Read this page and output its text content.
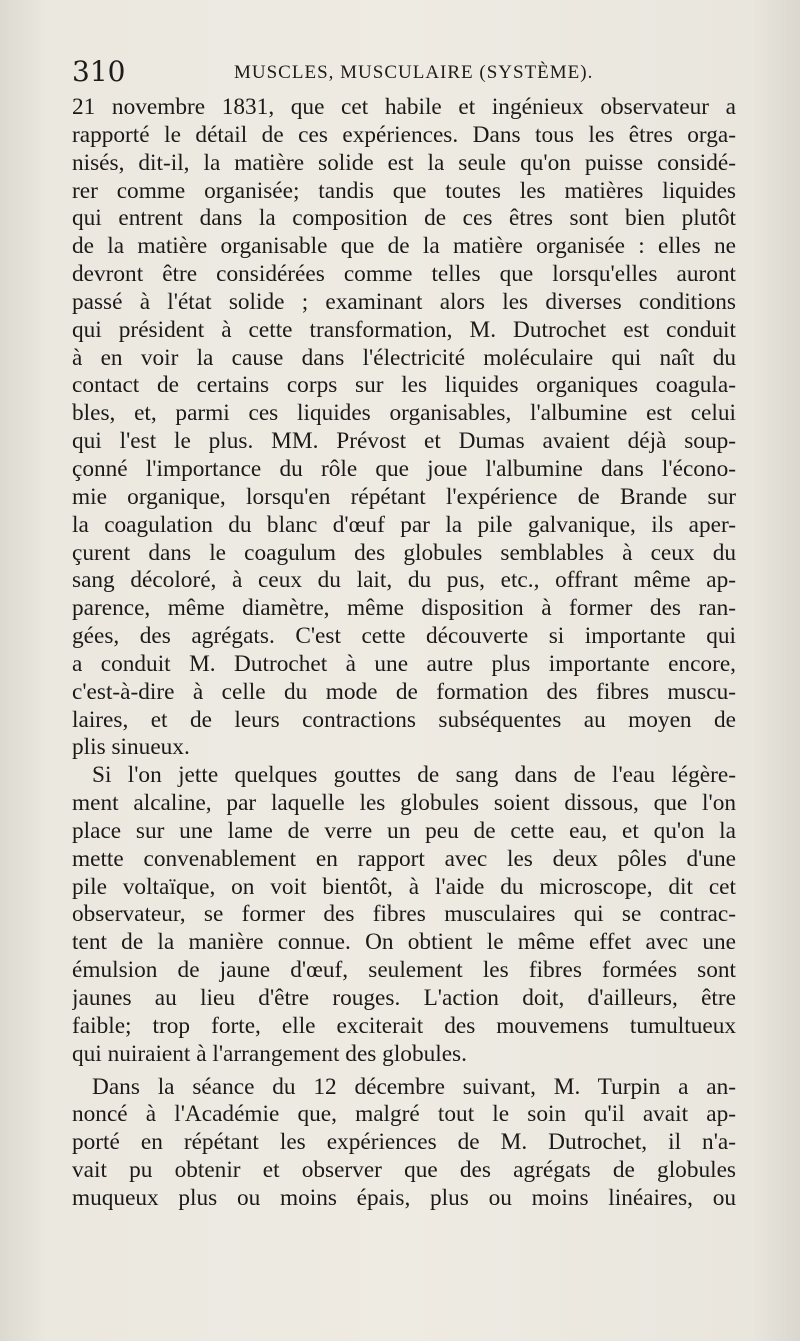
310	MUSCLES, MUSCULAIRE (SYSTÈME).
21 novembre 1831, que cet habile et ingénieux observateur a
rapporté le détail de ces expériences. Dans tous les êtres orga-
nisés, dit-il, la matière solide est la seule qu'on puisse considé-
rer comme organisée; tandis que toutes les matières liquides
qui entrent dans la composition de ces êtres sont bien plutôt
de la matière organisable que de la matière organisée : elles ne
devront être considérées comme telles que lorsqu'elles auront
passé à l'état solide ; examinant alors les diverses conditions
qui président à cette transformation, M. Dutrochet est conduit
à en voir la cause dans l'électricité moléculaire qui naît du
contact de certains corps sur les liquides organiques coagula-
bles, et, parmi ces liquides organisables, l'albumine est celui
qui l'est le plus. MM. Prévost et Dumas avaient déjà soup-
çonné l'importance du rôle que joue l'albumine dans l'écono-
mie organique, lorsqu'en répétant l'expérience de Brande sur
la coagulation du blanc d'œuf par la pile galvanique, ils aper-
çurent dans le coagulum des globules semblables à ceux du
sang décoloré, à ceux du lait, du pus, etc., offrant même ap-
parence, même diamètre, même disposition à former des ran-
gées, des agrégats. C'est cette découverte si importante qui
a conduit M. Dutrochet à une autre plus importante encore,
c'est-à-dire à celle du mode de formation des fibres muscu-
laires, et de leurs contractions subséquentes au moyen de
plis sinueux.
Si l'on jette quelques gouttes de sang dans de l'eau légère-
ment alcaline, par laquelle les globules soient dissous, que l'on
place sur une lame de verre un peu de cette eau, et qu'on la
mette convenablement en rapport avec les deux pôles d'une
pile voltaïque, on voit bientôt, à l'aide du microscope, dit cet
observateur, se former des fibres musculaires qui se contrac-
tent de la manière connue. On obtient le même effet avec une
émulsion de jaune d'œuf, seulement les fibres formées sont
jaunes au lieu d'être rouges. L'action doit, d'ailleurs, être
faible; trop forte, elle exciterait des mouvemens tumultueux
qui nuiraient à l'arrangement des globules.
Dans la séance du 12 décembre suivant, M. Turpin a an-
noncé à l'Académie que, malgré tout le soin qu'il avait ap-
porté en répétant les expériences de M. Dutrochet, il n'a-
vait pu obtenir et observer que des agrégats de globules
muqueux plus ou moins épais, plus ou moins linéaires, ou
